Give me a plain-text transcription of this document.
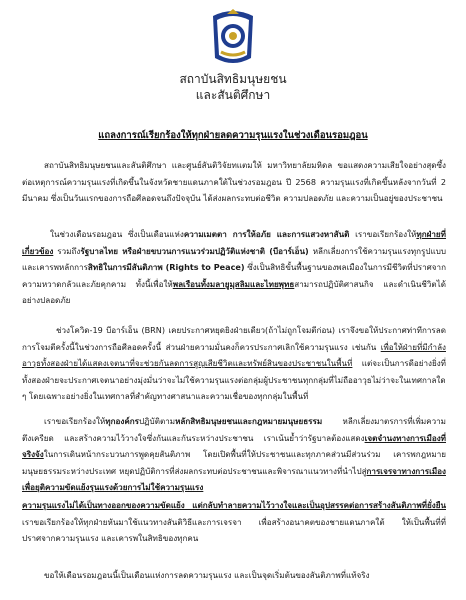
สถาบันสิทธิมนุษยชน
และสันติศึกษา
แถลงการณ์เรียกร้องให้ทุกฝ่ายลดความรุนแรงในช่วงเดือนรอมฎอน
สถาบันสิทธิมนุษยชนและสันติศึกษา และศูนย์สันติวิจัยทแตมให้ มหาวิทยาลัยมหิดล ขอแสดงความเสียใจอย่างสุดซึ้งต่อเหตุการณ์ความรุนแรงที่เกิดขึ้นในจังหวัดชายแดนภาคใต้ในช่วงรอมฎอน ปี 2568 ความรุนแรงที่เกิดขึ้นหลังจากวันที่ 2 มีนาคม ซึ่งเป็นวันแรกของการถือศีลอดจนถึงปัจจุบัน ได้ส่งผลกระทบต่อชีวิต ความปลอดภัย และความเป็นอยู่ของประชาชน
ในช่วงเดือนรอมฎอน ซึ่งเป็นเดือนแห่งความเมตตา การให้อภัย และการแสวงหาสันติ เราขอเรียกร้องให้ทุกฝ่ายที่เกี่ยวข้อง รวมถึงรัฐบาลไทย หรือฝ่ายขบวนการแนวร่วมปฏิวัติแห่งชาติ (บีอาร์เอ็น) หลีกเลี่ยงการใช้ความรุนแรงทุกรูปแบบ และเคารพหลักการสิทธิในการมีสันติภาพ (Rights to Peace) ซึ่งเป็นสิทธิขั้นพื้นฐานของพลเมืองในการมีชีวิตที่ปราศจากความหวาดกลัวและภัยคุกคาม ทั้งนี้เพื่อให้พลเรือนทั้งมลายูมุสลิมและไทยพุทธสามารถปฏิบัติศาสนกิจ และดำเนินชีวิตได้อย่างปลอดภัย
ช่วงโควิด-19 บีอาร์เอ็น (BRN) เคยประกาศหยุดยิงฝ่ายเดียว(ถ้าไม่ถูกโจมตีก่อน) เราจึงขอให้ประกาศท่าทีการลดการโจมตีครั้งนี้ในช่วงการถือศีลอดครั้งนี้ ส่วนฝ่ายความมั่นคงก็ควรประกาศเลิกใช้ความรุนแรง เช่นกัน เพื่อให้ฝ่ายที่มีกำลังอาวุธทั้งสองฝ่ายได้แสดงเจตนาที่จะช่วยกันลดการสูญเสียชีวิตและทรัพย์สินของประชาชนในพื้นที่ แต่จะเป็นการดีอย่างยิ่งที่ทั้งสองฝ่ายจะประกาศเจตนาอย่างมุ่งมั่นว่าจะไม่ใช้ความรุนแรงต่อกลุ่มผู้ประชาชนทุกกลุ่มที่ไม่ถืออาวุธไม่ว่าจะในเทศกาลใด ๆ โดยเฉพาะอย่างยิ่งในเทศกาลที่สำคัญทางศาสนาและความเชื่อของทุกกลุ่มในพื้นที่
เราขอเรียกร้องให้ทุกองค์กรปฏิบัติตามหลักสิทธิมนุษยชนและกฎหมายมนุษยธรรม หลีกเลี่ยงมาตรการที่เพิ่มความตึงเครียด และสร้างความไว้วางใจซึ่งกันและกันระหว่างประชาชน เราเน้นย้ำว่ารัฐบาลต้องแสดงเจตจำนงทางการเมืองที่จริงจังในการเดินหน้ากระบวนการพูดคุยสันติภาพ โดยเปิดพื้นที่ให้ประชาชนและทุกภาคส่วนมีส่วนร่วม เคารพกฎหมายมนุษยธรรมระหว่างประเทศ หยุดปฏิบัติการที่ส่งผลกระทบต่อประชาชนและพิจารณาแนวทางที่นำไปสู่การเจรจาทางการเมืองเพื่อยุติความขัดแย้งรุนแรงด้วยการไม่ใช้ความรุนแรง
ความรุนแรงไม่ได้เป็นทางออกของความขัดแย้ง แต่กลับทำลายความไว้วางใจและเป็นอุปสรรคต่อการสร้างสันติภาพที่ยั่งยืน เราขอเรียกร้องให้ทุกฝ่ายหันมาใช้แนวทางสันติวิธีและการเจรจา เพื่อสร้างอนาคตของชายแดนภาคใต้ ให้เป็นพื้นที่ที่ปราศจากความรุนแรง และเคารพในสิทธิของทุกคน
ขอให้เดือนรอมฎอนนี้เป็นเดือนแห่งการลดความรุนแรง และเป็นจุดเริ่มต้นของสันติภาพที่แท้จริง
